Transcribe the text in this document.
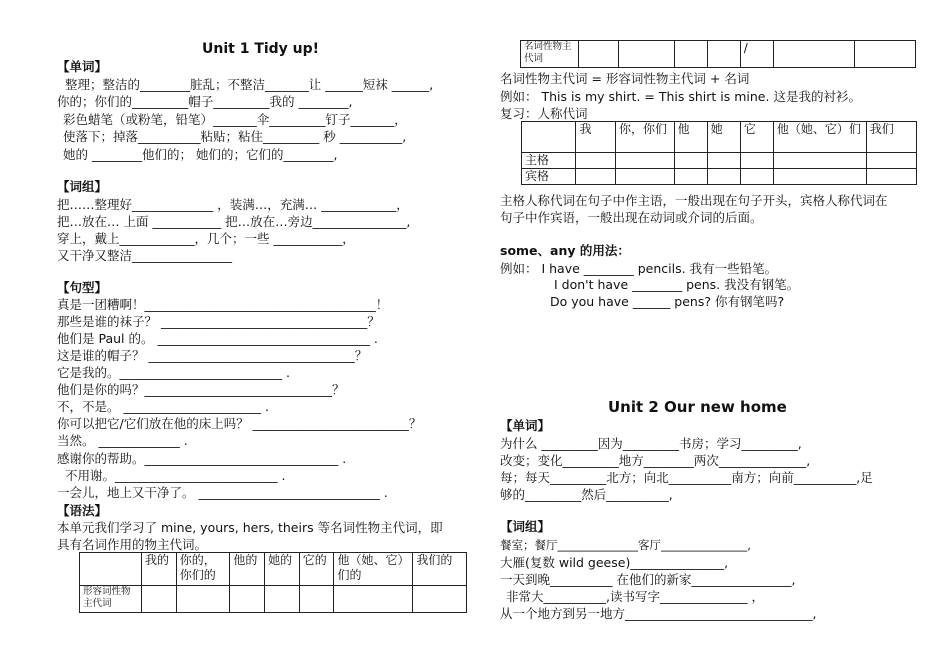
Unit 1 Tidy up!
【单词】
整理；整洁的________脏乱；不整洁_______让 ______短袜 ______,
你的；你们的_________帽子_________我的 ________,
彩色蜡笔（或粉笔，铅笔）_______伞_________钉子_______，
使落下；掉落__________粘贴；粘住_________ 秒 __________,
她的 ________他们的； 她们的；它们的________,
【词组】
把……整理好_____________ ，装满…，充满… ____________，
把…放在… 上面 ___________ 把…放在…旁边_______________,
穿上，戴上____________，几个；一些 ___________，
又干净又整洁________________
【句型】
真是一团糟啊！_____________________________________！
那些是谁的袜子？ _________________________________？
他们是 Paul 的。 __________________________________ .
这是谁的帽子？ _________________________________？
它是我的。__________________________ .
他们是你的吗？______________________________？
不，不是。 ______________________ .
你可以把它/它们放在他的床上吗？ _________________________？
当然。 _____________ .
感谢你的帮助。_______________________________ .
不用谢。__________________________ .
一会儿，地上又干净了。 _____________________________ .
【语法】
本单元我们学习了 mine, yours, hers, theirs 等名词性物主代词，即
具有名词作用的物主代词。
	我的	你的，你们的	他的	她的	它的	他（她、它）们的	我们的
形容词性物主代词							
名词性物主代词					/		
名词性物主代词 = 形容词性物主代词 + 名词
例如： This is my shirt. = This shirt is mine. 这是我的衬衫。
复习：人称代词
	我	你，你们	他	她	它	他（她、它）们	我们
主格							
宾格							
主格人称代词在句子中作主语，一般出现在句子开头，宾格人称代词在
句子中作宾语，一般出现在动词或介词的后面。
some、any 的用法：
例如： I have ________ pencils. 我有一些铅笔。
I don't have ________ pens. 我没有钢笔。
Do you have ______ pens? 你有钢笔吗?
Unit 2 Our new home
【单词】
为什么 _________因为_________书房；学习_________,
改变；变化_________地方________两次______________,
每；每天_________北方；向北__________南方；向前__________,足
够的_________然后__________,
【词组】
餐室；餐厅______________客厅_______________,
大雁(复数 wild geese)_______________,
一天到晚__________ 在他们的新家________________,
非常大__________,读书写字______________ ，
从一个地方到另一地方______________________________,
